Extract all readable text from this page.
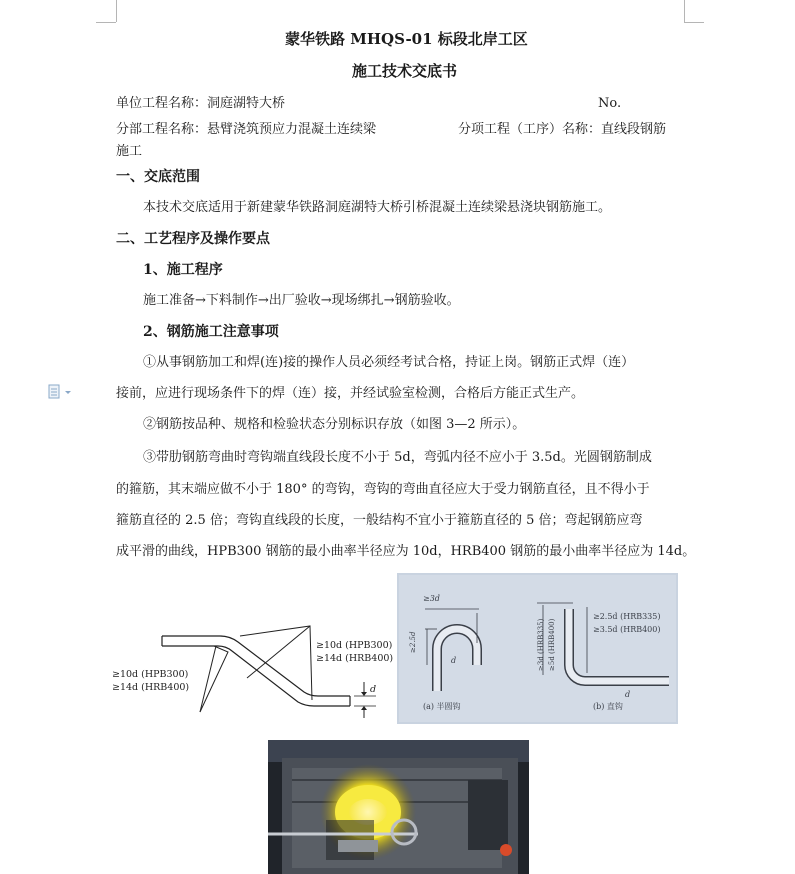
蒙华铁路 MHQS-01 标段北岸工区
施工技术交底书
单位工程名称：洞庭湖特大桥	No.
分部工程名称：悬臂浇筑预应力混凝土连续梁	分项工程（工序）名称：直线段钢筋
施工
一、交底范围
本技术交底适用于新建蒙华铁路洞庭湖特大桥引桥混凝土连续梁悬浇块钢筋施工。
二、工艺程序及操作要点
1、施工程序
施工准备→下料制作→出厂验收→现场绑扎→钢筋验收。
2、钢筋施工注意事项
①从事钢筋加工和焊(连)接的操作人员必须经考试合格，持证上岗。钢筋正式焊（连）
接前，应进行现场条件下的焊（连）接，并经试验室检测，合格后方能正式生产。
②钢筋按品种、规格和检验状态分别标识存放（如图 3—2 所示）。
③带肋钢筋弯曲时弯钩端直线段长度不小于 5d，弯弧内径不应小于 3.5d。光圆钢筋制成
的箍筋，其末端应做不小于 180° 的弯钩，弯钩的弯曲直径应大于受力钢筋直径，且不得小于
箍筋直径的 2.5 倍；弯钩直线段的长度，一般结构不宜小于箍筋直径的 5 倍；弯起钢筋应弯
成平滑的曲线，HPB300 钢筋的最小曲率半径应为 10d，HRB400 钢筋的最小曲率半径应为 14d。
≥10d (HPB300)
≥14d (HRB400)
≥10d (HPB300)
≥14d (HRB400)
d
≥3d
≥2.5d
d
(a) 半圆钩
≥3d (HRB335) ≥5d (HRB400)
≥2.5d (HRB335)
≥3.5d (HRB400)
d
(b) 直钩
